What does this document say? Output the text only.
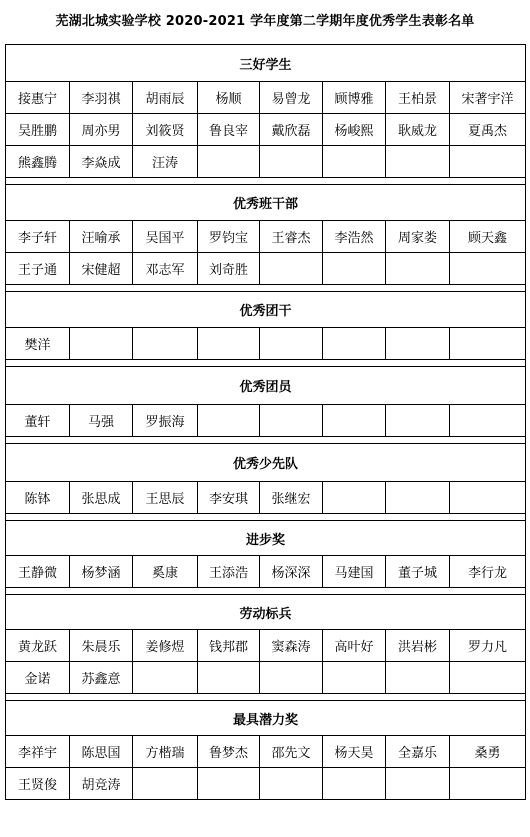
芜湖北城实验学校 2020-2021 学年度第二学期年度优秀学生表彰名单
三好学生							
接惠宁	李羽祺	胡雨辰	杨顺	易曾龙	顾博雅	王柏景	宋著宇洋
吴胜鹏	周亦男	刘筱贤	鲁良宰	戴欣磊	杨峻熙	耿威龙	夏禹杰
熊鑫腾	李焱成	汪涛					

优秀班干部							
李子轩	汪喻承	吴国平	罗钧宝	王睿杰	李浩然	周家娄	顾天鑫
王子通	宋健超	邓志军	刘奇胜				

优秀团干							
樊洋							

优秀团员							
董轩	马强	罗振海					

优秀少先队							
陈钵	张思成	王思辰	李安琪	张继宏			

进步奖							
王静微	杨梦涵	奚康	王添浩	杨深深	马建国	董子城	李行龙

劳动标兵							
黄龙跃	朱晨乐	姜修煜	钱邦郡	窦森涛	高叶好	洪岩彬	罗力凡
金诺	苏鑫意						

最具潜力奖							
李祥宇	陈思国	方楷瑞	鲁梦杰	邵先文	杨天昊	全嘉乐	桑勇
王贤俊	胡竞涛						
